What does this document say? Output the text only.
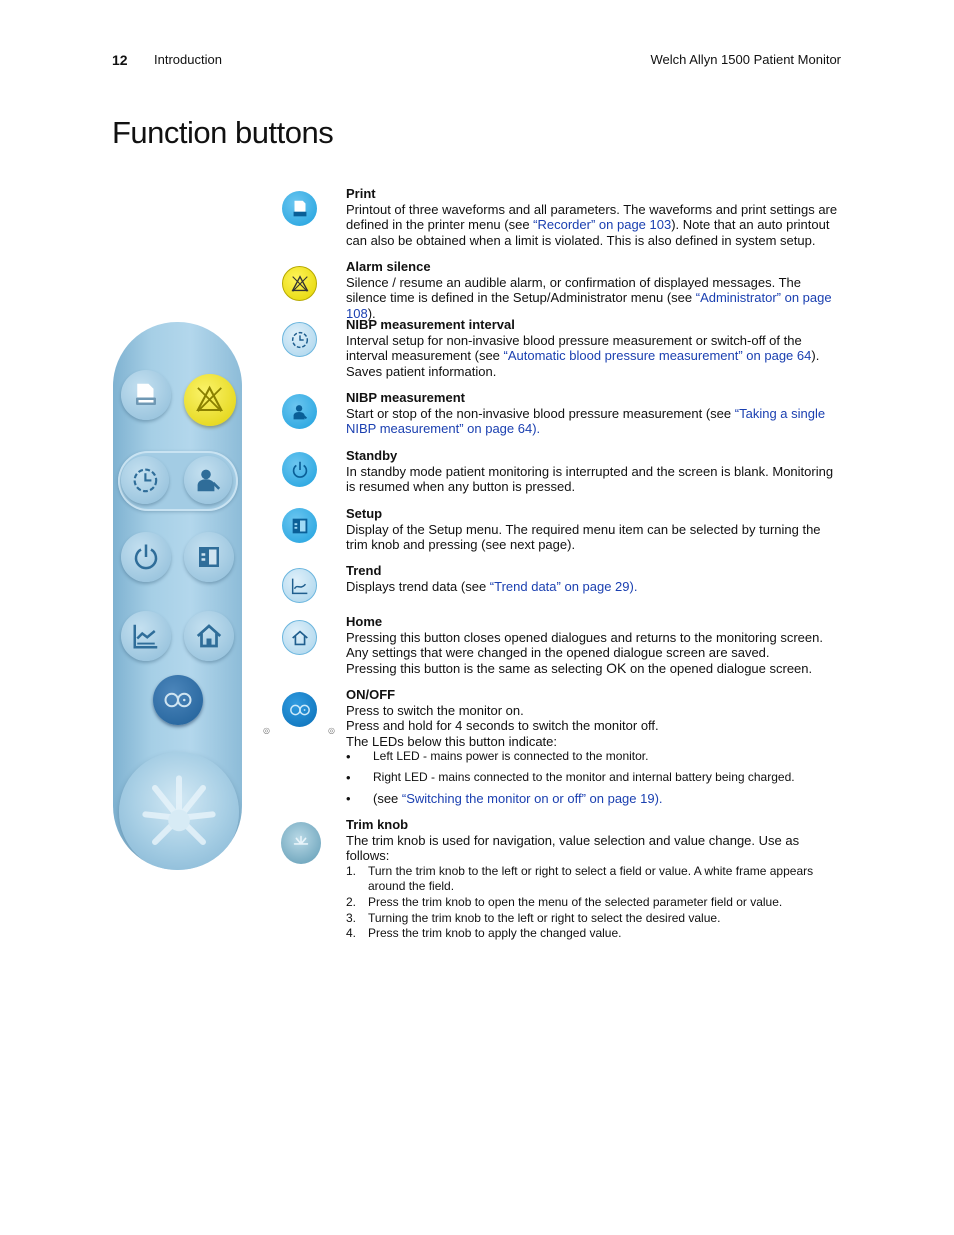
12 Introduction	Welch Allyn 1500 Patient Monitor
Function buttons
◎	◎
Print
Printout of three waveforms and all parameters. The waveforms and print settings are defined in the printer menu (see “Recorder” on page 103). Note that an auto printout can also be obtained when a limit is violated. This is also defined in system setup.
Alarm silence
Silence / resume an audible alarm, or confirmation of displayed messages. The silence time is defined in the Setup/Administrator menu (see “Administrator” on page 108).
NIBP measurement interval
Interval setup for non-invasive blood pressure measurement or switch-off of the interval measurement (see “Automatic blood pressure measurement” on page 64). Saves patient information.
NIBP measurement
Start or stop of the non-invasive blood pressure measurement (see “Taking a single NIBP measurement” on page 64).
Standby
In standby mode patient monitoring is interrupted and the screen is blank. Monitoring is resumed when any button is pressed.
Setup
Display of the Setup menu. The required menu item can be selected by turning the trim knob and pressing (see next page).
Trend
Displays trend data (see “Trend data” on page 29).
Home
Pressing this button closes opened dialogues and returns to the monitoring screen.
Any settings that were changed in the opened dialogue screen are saved.
Pressing this button is the same as selecting OK on the opened dialogue screen.
ON/OFF
Press to switch the monitor on.
Press and hold for 4 seconds to switch the monitor off.
The LEDs below this button indicate:
•	Left LED - mains power is connected to the monitor.
•	Right LED - mains connected to the monitor and internal battery being charged.
•	(see “Switching the monitor on or off” on page 19).
Trim knob
The trim knob is used for navigation, value selection and value change. Use as follows:
1. Turn the trim knob to the left or right to select a field or value. A white frame appears around the field.
2. Press the trim knob to open the menu of the selected parameter field or value.
3. Turning the trim knob to the left or right to select the desired value.
4. Press the trim knob to apply the changed value.
